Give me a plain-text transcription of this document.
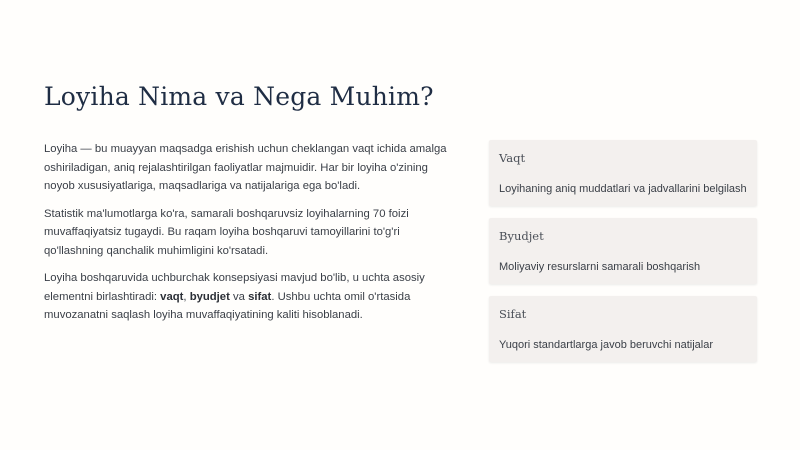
Loyiha Nima va Nega Muhim?

Loyiha — bu muayyan maqsadga erishish uchun cheklangan vaqt ichida amalga oshiriladigan, aniq rejalashtirilgan faoliyatlar majmuidir. Har bir loyiha o'zining noyob xususiyatlariga, maqsadlariga va natijalariga ega bo'ladi.

Statistik ma'lumotlarga ko'ra, samarali boshqaruvsiz loyihalarning 70 foizi muvaffaqiyatsiz tugaydi. Bu raqam loyiha boshqaruvi tamoyillarini to'g'ri qo'llashning qanchalik muhimligini ko'rsatadi.

Loyiha boshqaruvida uchburchak konsepsiyasi mavjud bo'lib, u uchta asosiy elementni birlashtiradi: vaqt, byudjet va sifat. Ushbu uchta omil o'rtasida muvozanatni saqlash loyiha muvaffaqiyatining kaliti hisoblanadi.

Vaqt
Loyihaning aniq muddatlari va jadvallarini belgilash
Byudjet
Moliyaviy resurslarni samarali boshqarish
Sifat
Yuqori standartlarga javob beruvchi natijalar
